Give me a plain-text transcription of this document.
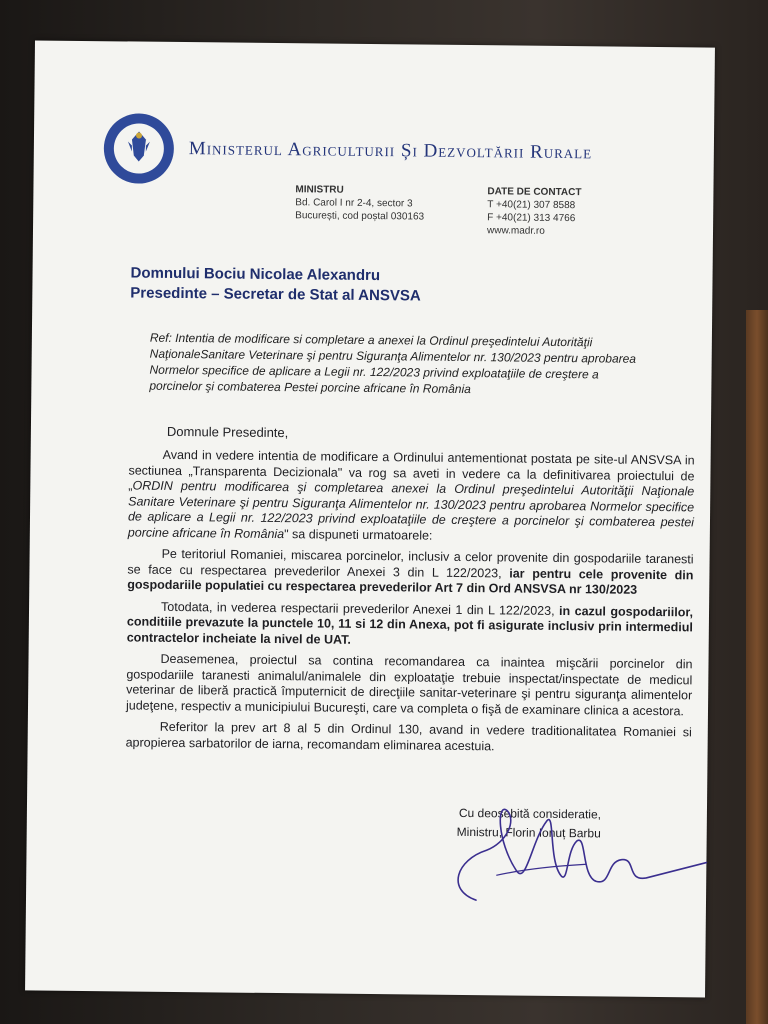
Ministerul Agriculturii Și Dezvoltării Rurale
MINISTRU
Bd. Carol I nr 2-4, sector 3
București, cod poștal 030163
DATE DE CONTACT
T +40(21) 307 8588
F +40(21) 313 4766
www.madr.ro
Domnului Bociu Nicolae Alexandru
Presedinte – Secretar de Stat al ANSVSA
Ref: Intentia de modificare si completare a anexei la Ordinul preşedintelui Autorităţii NaţionaleSanitare Veterinare şi pentru Siguranţa Alimentelor nr. 130/2023 pentru aprobarea Normelor specifice de aplicare a Legii nr. 122/2023 privind exploataţiile de creştere a porcinelor şi combaterea Pestei porcine africane în România
Domnule Presedinte,

Avand in vedere intentia de modificare a Ordinului antementionat postata pe site-ul ANSVSA in sectiunea „Transparenta Decizionala" va rog sa aveti in vedere ca la definitivarea proiectului de „ORDIN pentru modificarea şi completarea anexei la Ordinul preşedintelui Autorităţii Naţionale Sanitare Veterinare şi pentru Siguranţa Alimentelor nr. 130/2023 pentru aprobarea Normelor specifice de aplicare a Legii nr. 122/2023 privind exploataţiile de creştere a porcinelor şi combaterea pestei porcine africane în România" sa dispuneti urmatoarele:

Pe teritoriul Romaniei, miscarea porcinelor, inclusiv a celor provenite din gospodariile taranesti se face cu respectarea prevederilor Anexei 3 din L 122/2023, iar pentru cele provenite din gospodariile populatiei cu respectarea prevederilor Art 7 din Ord ANSVSA nr 130/2023

Totodata, in vederea respectarii prevederilor Anexei 1 din L 122/2023, in cazul gospodariilor, conditiile prevazute la punctele 10, 11 si 12 din Anexa, pot fi asigurate inclusiv prin intermediul contractelor incheiate la nivel de UAT.

Deasemenea, proiectul sa contina recomandarea ca inaintea mişcării porcinelor din gospodariile taranesti animalul/animalele din exploataţie trebuie inspectat/inspectate de medicul veterinar de liberă practică împuternicit de direcţiile sanitar-veterinare şi pentru siguranţa alimentelor judeţene, respectiv a municipiului Bucureşti, care va completa o fişă de examinare clinica a acestora.

Referitor la prev art 8 al 5 din Ordinul 130, avand in vedere traditionalitatea Romaniei si apropierea sarbatorilor de iarna, recomandam eliminarea acestuia.

Cu deosebită consideratie,
Ministru, Florin Ionuț Barbu
